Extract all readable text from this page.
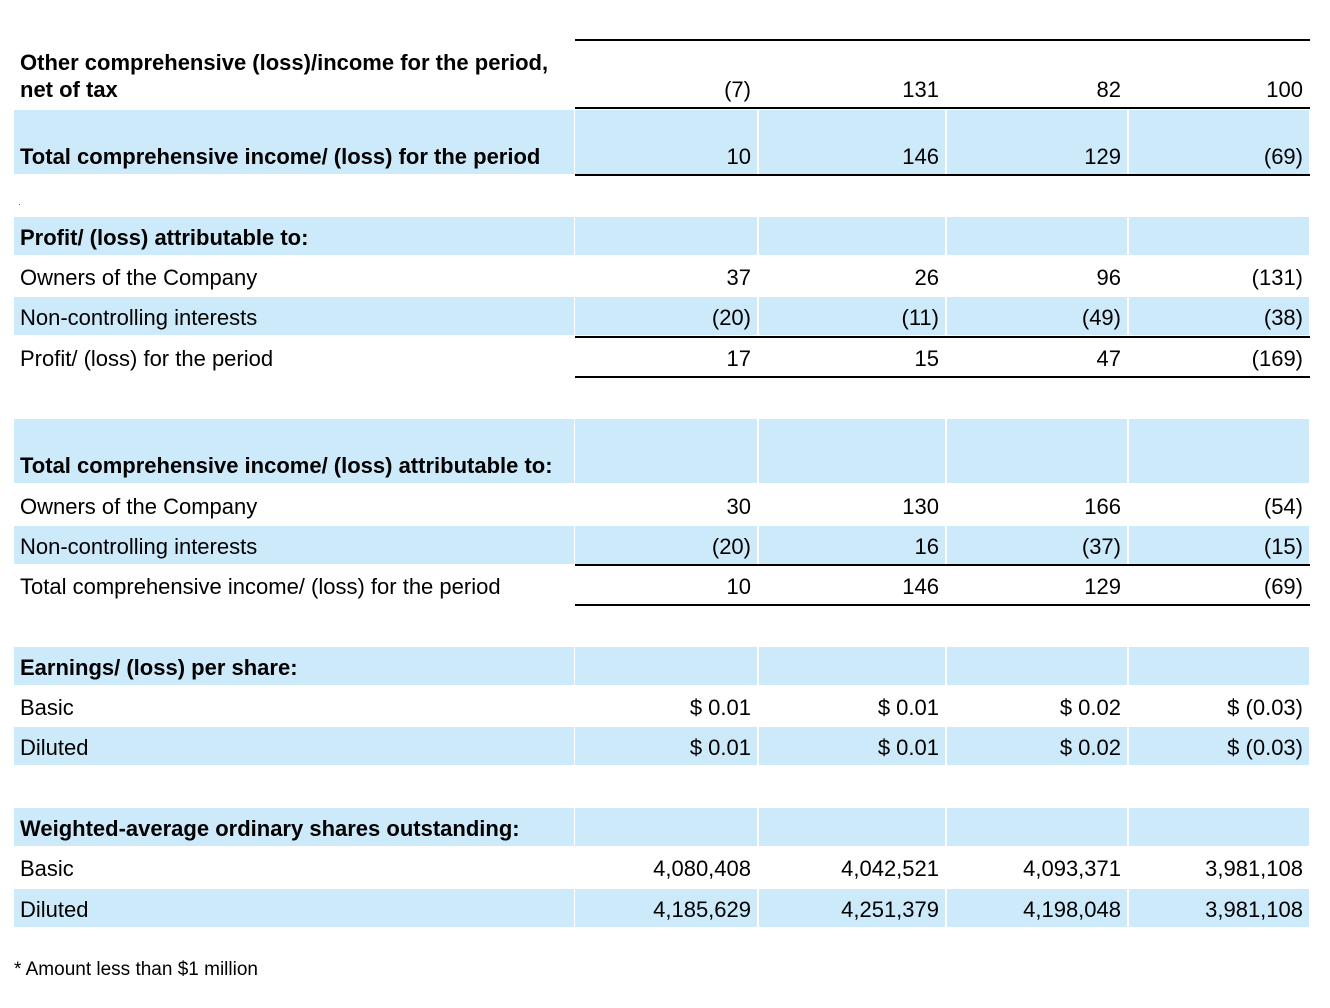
Other comprehensive (loss)/income for the period, net of tax	(7)	131	82	100
Total comprehensive income/ (loss) for the period	10	146	129	(69)
Profit/ (loss) attributable to:
Owners of the Company	37	26	96	(131)
Non-controlling interests	(20)	(11)	(49)	(38)
Profit/ (loss) for the period	17	15	47	(169)
Total comprehensive income/ (loss) attributable to:
Owners of the Company	30	130	166	(54)
Non-controlling interests	(20)	16	(37)	(15)
Total comprehensive income/ (loss) for the period	10	146	129	(69)
Earnings/ (loss) per share:
Basic	$ 0.01	$ 0.01	$ 0.02	$ (0.03)
Diluted	$ 0.01	$ 0.01	$ 0.02	$ (0.03)
Weighted-average ordinary shares outstanding:
Basic	4,080,408	4,042,521	4,093,371	3,981,108
Diluted	4,185,629	4,251,379	4,198,048	3,981,108
* Amount less than $1 million
